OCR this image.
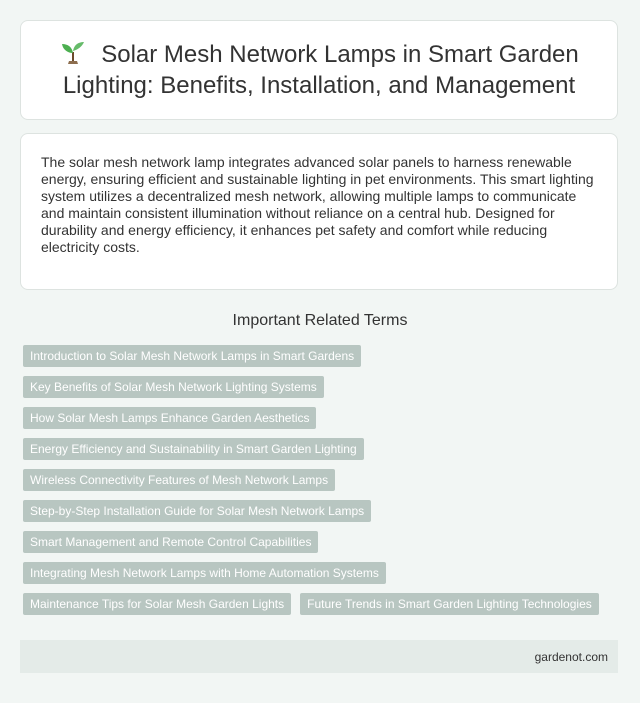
Solar Mesh Network Lamps in Smart Garden Lighting: Benefits, Installation, and Management

The solar mesh network lamp integrates advanced solar panels to harness renewable energy, ensuring efficient and sustainable lighting in pet environments. This smart lighting system utilizes a decentralized mesh network, allowing multiple lamps to communicate and maintain consistent illumination without reliance on a central hub. Designed for durability and energy efficiency, it enhances pet safety and comfort while reducing electricity costs.

Important Related Terms
Introduction to Solar Mesh Network Lamps in Smart Gardens
Key Benefits of Solar Mesh Network Lighting Systems
How Solar Mesh Lamps Enhance Garden Aesthetics
Energy Efficiency and Sustainability in Smart Garden Lighting
Wireless Connectivity Features of Mesh Network Lamps
Step-by-Step Installation Guide for Solar Mesh Network Lamps
Smart Management and Remote Control Capabilities
Integrating Mesh Network Lamps with Home Automation Systems
Maintenance Tips for Solar Mesh Garden Lights	Future Trends in Smart Garden Lighting Technologies
gardenot.com
